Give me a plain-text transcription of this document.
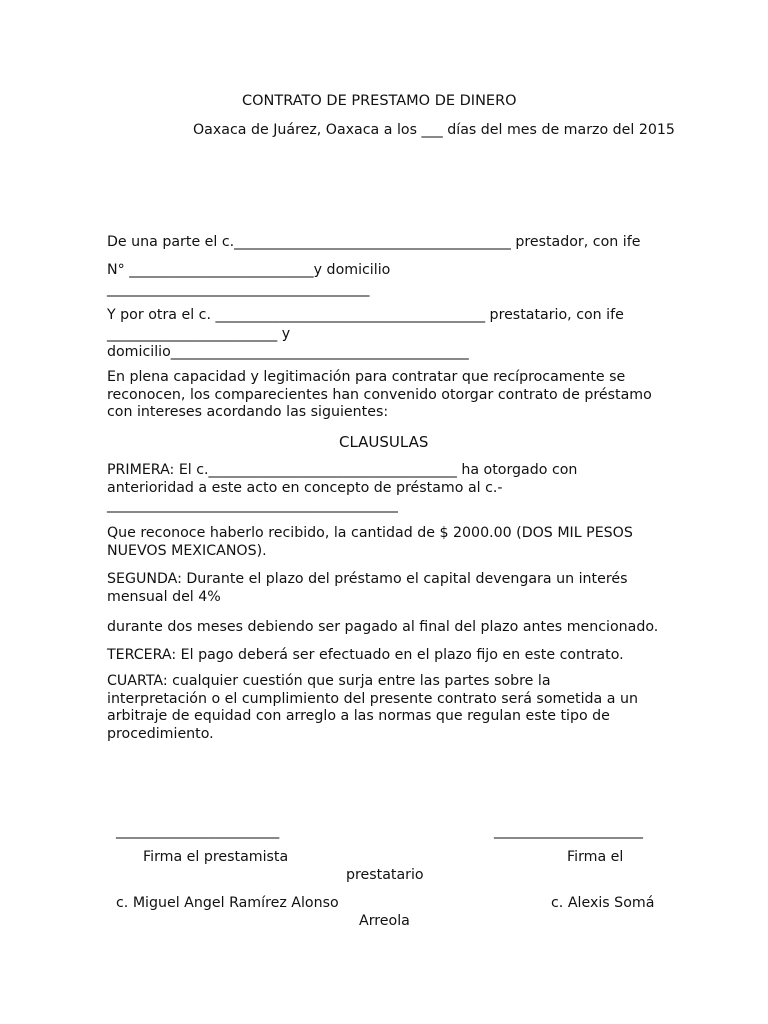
CONTRATO DE PRESTAMO DE DINERO

Oaxaca de Juárez, Oaxaca a los ___ días del mes de marzo del 2015

De una parte el c._______________________________________ prestador, con ife

N° __________________________y domicilio

_____________________________________

Y por otra el c. ______________________________________ prestatario, con ife

________________________ y

domicilio__________________________________________

En plena capacidad y legitimación para contratar que recíprocamente se reconocen, los comparecientes han convenido otorgar contrato de préstamo con intereses acordando las siguientes:

CLAUSULAS

PRIMERA: El c.___________________________________ ha otorgado con anterioridad a este acto en concepto de préstamo al c.- _________________________________________

Que reconoce haberlo recibido, la cantidad de $ 2000.00 (DOS MIL PESOS NUEVOS MEXICANOS).

SEGUNDA: Durante el plazo del préstamo el capital devengara un interés mensual del 4%

durante dos meses debiendo ser pagado al final del plazo antes mencionado.

TERCERA: El pago deberá ser efectuado en el plazo fijo en este contrato.

CUARTA: cualquier cuestión que surja entre las partes sobre la interpretación o el cumplimiento del presente contrato será sometida a un arbitraje de equidad con arreglo a las normas que regulan este tipo de procedimiento.

_______________________	_____________________

Firma el prestamista	Firma el

prestatario

c. Miguel Angel Ramírez Alonso	c. Alexis Somá

Arreola
